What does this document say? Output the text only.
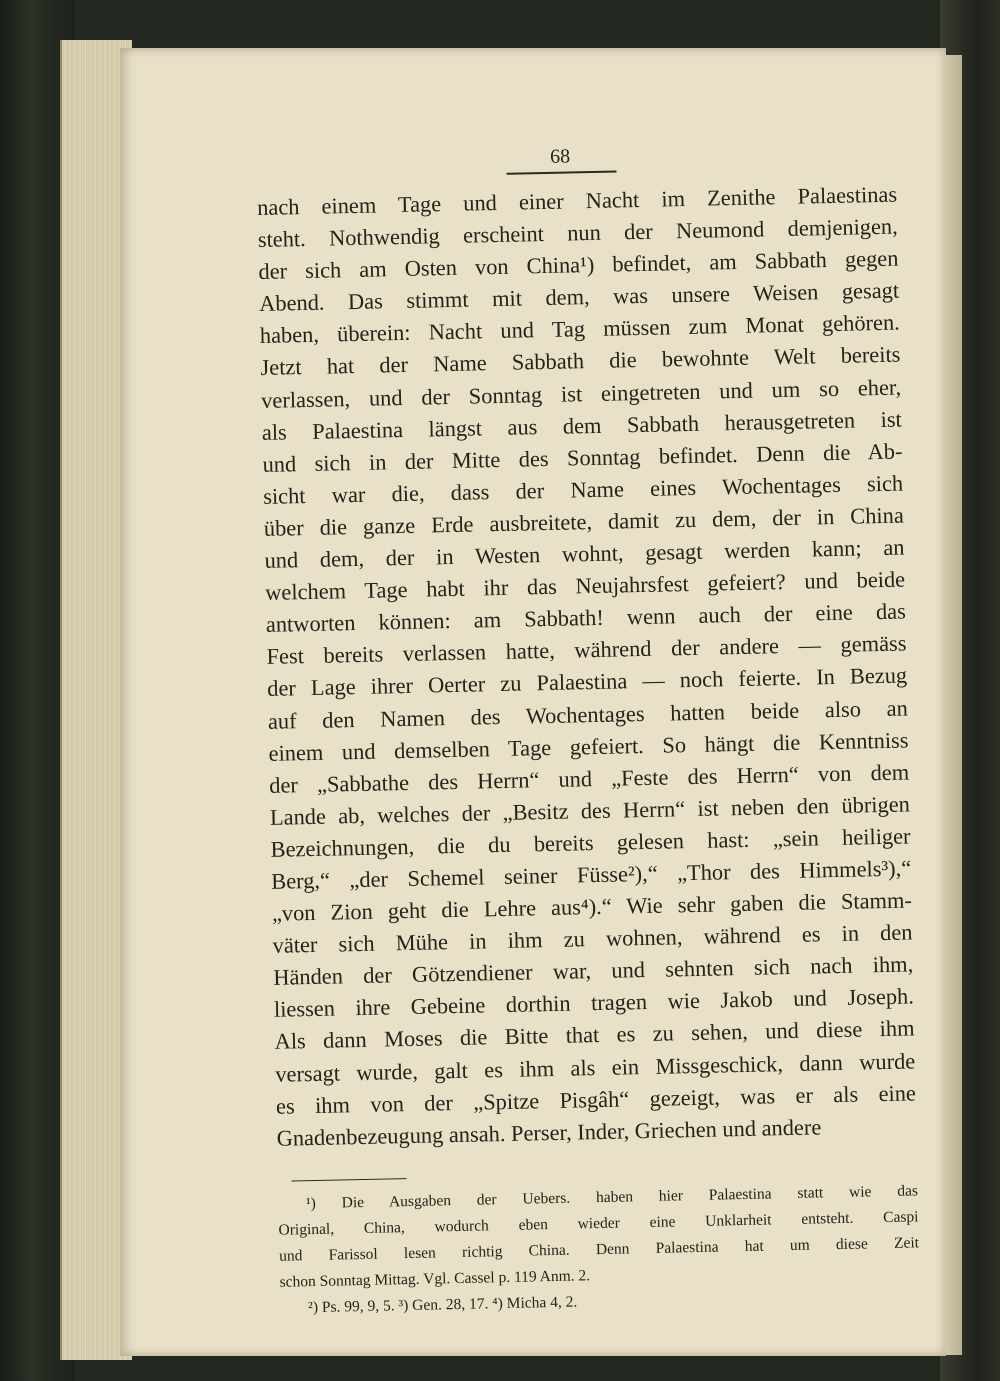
68
nach einem Tage und einer Nacht im Zenithe Palaestinas
steht. Nothwendig erscheint nun der Neumond demjenigen,
der sich am Osten von China¹) befindet, am Sabbath gegen
Abend. Das stimmt mit dem, was unsere Weisen gesagt
haben, überein: Nacht und Tag müssen zum Monat gehören.
Jetzt hat der Name Sabbath die bewohnte Welt bereits
verlassen, und der Sonntag ist eingetreten und um so eher,
als Palaestina längst aus dem Sabbath herausgetreten ist
und sich in der Mitte des Sonntag befindet. Denn die Ab-
sicht war die, dass der Name eines Wochentages sich
über die ganze Erde ausbreitete, damit zu dem, der in China
und dem, der in Westen wohnt, gesagt werden kann; an
welchem Tage habt ihr das Neujahrsfest gefeiert? und beide
antworten können: am Sabbath! wenn auch der eine das
Fest bereits verlassen hatte, während der andere — gemäss
der Lage ihrer Oerter zu Palaestina — noch feierte. In Bezug
auf den Namen des Wochentages hatten beide also an
einem und demselben Tage gefeiert. So hängt die Kenntniss
der „Sabbathe des Herrn“ und „Feste des Herrn“ von dem
Lande ab, welches der „Besitz des Herrn“ ist neben den übrigen
Bezeichnungen, die du bereits gelesen hast: „sein heiliger
Berg,“ „der Schemel seiner Füsse²),“ „Thor des Himmels³),“
„von Zion geht die Lehre aus⁴).“ Wie sehr gaben die Stamm-
väter sich Mühe in ihm zu wohnen, während es in den
Händen der Götzendiener war, und sehnten sich nach ihm,
liessen ihre Gebeine dorthin tragen wie Jakob und Joseph.
Als dann Moses die Bitte that es zu sehen, und diese ihm
versagt wurde, galt es ihm als ein Missgeschick, dann wurde
es ihm von der „Spitze Pisgâh“ gezeigt, was er als eine
Gnadenbezeugung ansah. Perser, Inder, Griechen und andere
¹) Die Ausgaben der Uebers. haben hier Palaestina statt wie das
Original, China, wodurch eben wieder eine Unklarheit entsteht. Caspi
und Farissol lesen richtig China. Denn Palaestina hat um diese Zeit
schon Sonntag Mittag. Vgl. Cassel p. 119 Anm. 2.
²) Ps. 99, 9, 5. ³) Gen. 28, 17. ⁴) Micha 4, 2.
